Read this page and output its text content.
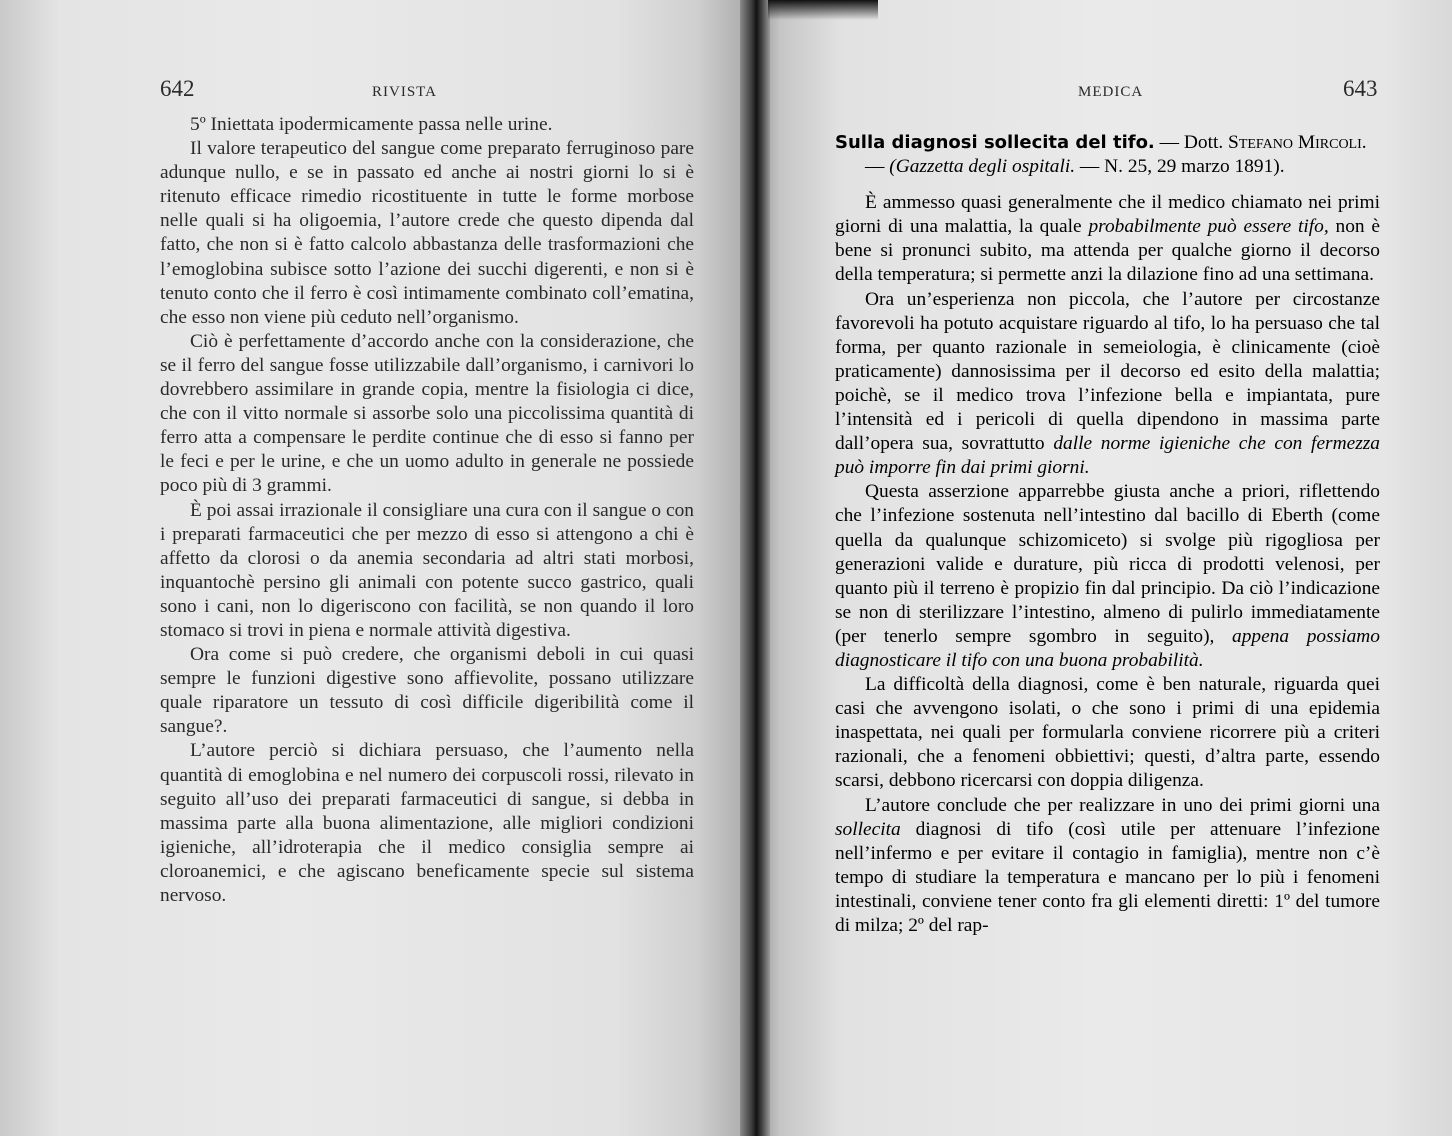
642	RIVISTA

5º Iniettata ipodermicamente passa nelle urine.

Il valore terapeutico del sangue come preparato ferruginoso pare adunque nullo, e se in passato ed anche ai nostri giorni lo si è ritenuto efficace rimedio ricostituente in tutte le forme morbose nelle quali si ha oligoemia, l’autore crede che questo dipenda dal fatto, che non si è fatto calcolo abbastanza delle trasformazioni che l’emoglobina subisce sotto l’azione dei succhi digerenti, e non si è tenuto conto che il ferro è così intimamente combinato coll’ematina, che esso non viene più ceduto nell’organismo.

Ciò è perfettamente d’accordo anche con la considerazione, che se il ferro del sangue fosse utilizzabile dall’organismo, i carnivori lo dovrebbero assimilare in grande copia, mentre la fisiologia ci dice, che con il vitto normale si assorbe solo una piccolissima quantità di ferro atta a compensare le perdite continue che di esso si fanno per le feci e per le urine, e che un uomo adulto in generale ne possiede poco più di 3 grammi.

È poi assai irrazionale il consigliare una cura con il sangue o con i preparati farmaceutici che per mezzo di esso si attengono a chi è affetto da clorosi o da anemia secondaria ad altri stati morbosi, inquantochè persino gli animali con potente succo gastrico, quali sono i cani, non lo digeriscono con facilità, se non quando il loro stomaco si trovi in piena e normale attività digestiva.

Ora come si può credere, che organismi deboli in cui quasi sempre le funzioni digestive sono affievolite, possano utilizzare quale riparatore un tessuto di così difficile digeribilità come il sangue?.

L’autore perciò si dichiara persuaso, che l’aumento nella quantità di emoglobina e nel numero dei corpuscoli rossi, rilevato in seguito all’uso dei preparati farmaceutici di sangue, si debba in massima parte alla buona alimentazione, alle migliori condizioni igieniche, all’idroterapia che il medico consiglia sempre ai cloroanemici, e che agiscano beneficamente specie sul sistema nervoso.

MEDICA	643

Sulla diagnosi sollecita del tifo. — Dott. Stefano Mircoli.

— (Gazzetta degli ospitali. — N. 25, 29 marzo 1891).

È ammesso quasi generalmente che il medico chiamato nei primi giorni di una malattia, la quale probabilmente può essere tifo, non è bene si pronunci subito, ma attenda per qualche giorno il decorso della temperatura; si permette anzi la dilazione fino ad una settimana.

Ora un’esperienza non piccola, che l’autore per circostanze favorevoli ha potuto acquistare riguardo al tifo, lo ha persuaso che tal forma, per quanto razionale in semeiologia, è clinicamente (cioè praticamente) dannosissima per il decorso ed esito della malattia; poichè, se il medico trova l’infezione bella e impiantata, pure l’intensità ed i pericoli di quella dipendono in massima parte dall’opera sua, sovrattutto dalle norme igieniche che con fermezza può imporre fin dai primi giorni.

Questa asserzione apparrebbe giusta anche a priori, riflettendo che l’infezione sostenuta nell’intestino dal bacillo di Eberth (come quella da qualunque schizomiceto) si svolge più rigogliosa per generazioni valide e durature, più ricca di prodotti velenosi, per quanto più il terreno è propizio fin dal principio. Da ciò l’indicazione se non di sterilizzare l’intestino, almeno di pulirlo immediatamente (per tenerlo sempre sgombro in seguito), appena possiamo diagnosticare il tifo con una buona probabilità.

La difficoltà della diagnosi, come è ben naturale, riguarda quei casi che avvengono isolati, o che sono i primi di una epidemia inaspettata, nei quali per formularla conviene ricorrere più a criteri razionali, che a fenomeni obbiettivi; questi, d’altra parte, essendo scarsi, debbono ricercarsi con doppia diligenza.

L’autore conclude che per realizzare in uno dei primi giorni una sollecita diagnosi di tifo (così utile per attenuare l’infezione nell’infermo e per evitare il contagio in famiglia), mentre non c’è tempo di studiare la temperatura e mancano per lo più i fenomeni intestinali, conviene tener conto fra gli elementi diretti: 1º del tumore di milza; 2º del rap-
